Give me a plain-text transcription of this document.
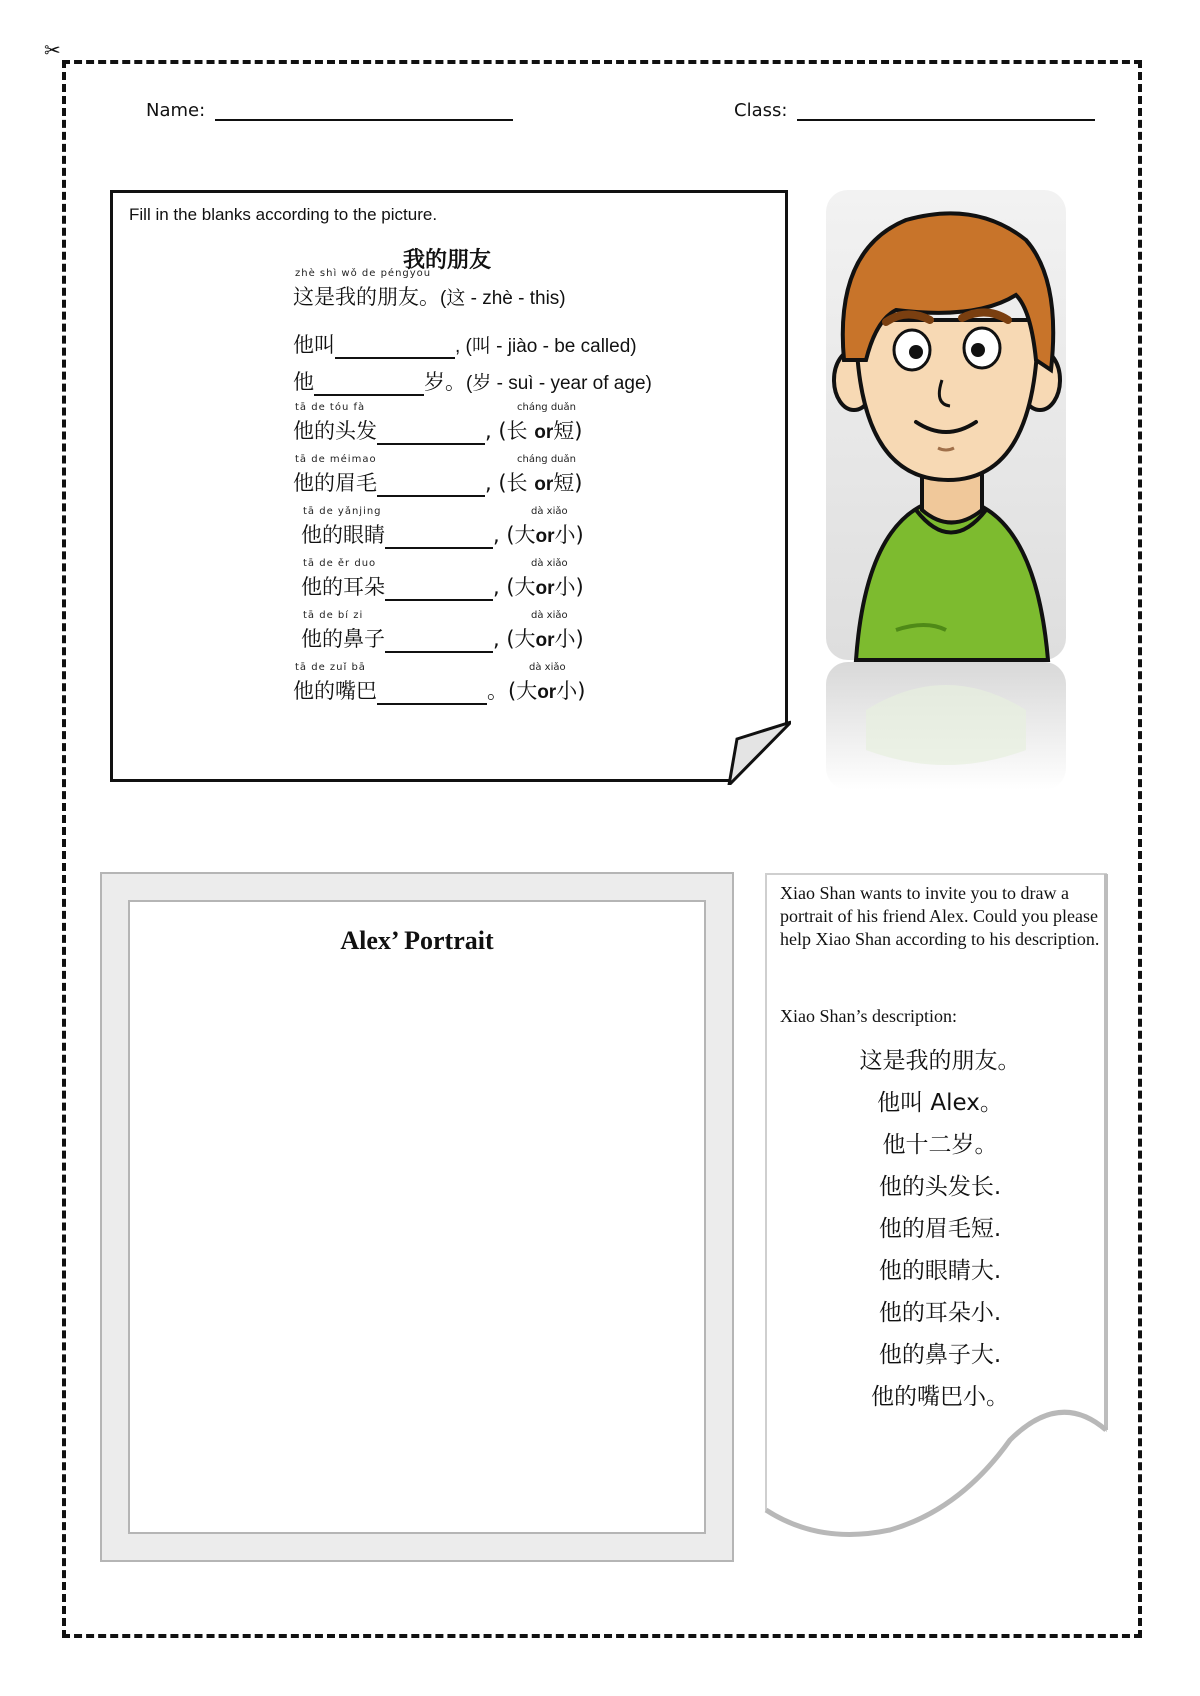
✂
Name:	Class:
Fill in the blanks according to the picture.
我的朋友
zhè shì wǒ de péngyou
这是我的朋友。(这 - zhè - this)
他叫	, (叫 - jiào - be called)
他	岁。(岁 - suì - year of age)
tā de tóu fà	cháng duǎn
他的头发	, (长 or短)
tā de méimao	cháng duǎn
他的眉毛	, (长 or短)
tā de yǎnjing	dà xiǎo
他的眼睛	, (大or小)
tā de ěr duo	dà xiǎo
他的耳朵	, (大or小)
tā de bí zi	dà xiǎo
他的鼻子	, (大or小)
tā de zuǐ bā	dà xiǎo
他的嘴巴	。(大or小)
Alex’ Portrait
Xiao Shan wants to invite you to draw a portrait of his friend Alex. Could you please help Xiao Shan according to his description.
Xiao Shan’s description:
这是我的朋友。
他叫 Alex。
他十二岁。
他的头发长.
他的眉毛短.
他的眼睛大.
他的耳朵小.
他的鼻子大.
他的嘴巴小。
